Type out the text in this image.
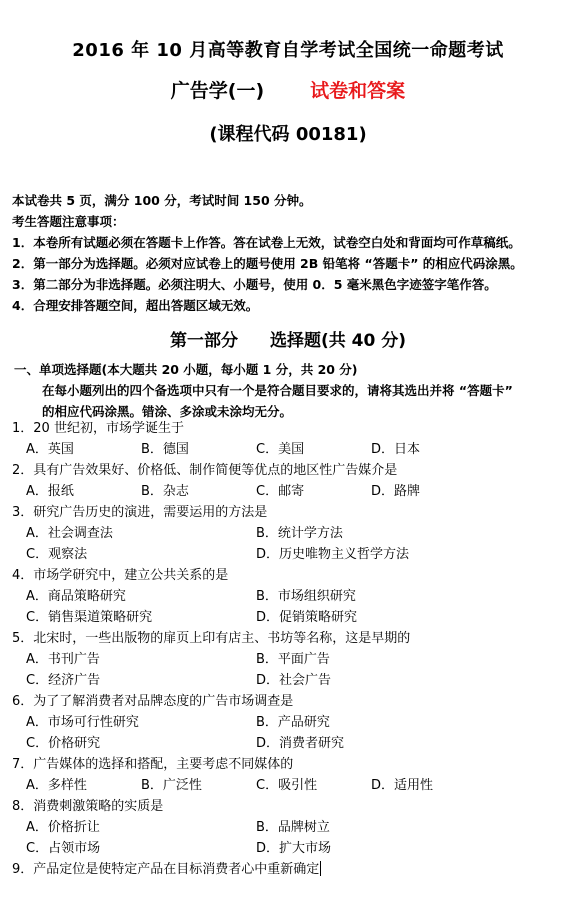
2016 年 10 月高等教育自学考试全国统一命题考试
广告学(一) 试卷和答案
(课程代码 00181)
本试卷共 5 页，满分 100 分，考试时间 150 分钟。
考生答题注意事项：
1．本卷所有试题必须在答题卡上作答。答在试卷上无效，试卷空白处和背面均可作草稿纸。
2．第一部分为选择题。必须对应试卷上的题号使用 2B 铅笔将 “答题卡” 的相应代码涂黑。
3．第二部分为非选择题。必须注明大、小题号，使用 0．5 毫米黑色字迹签字笔作答。
4．合理安排答题空间，超出答题区域无效。
第一部分 选择题(共 40 分)
一、单项选择题(本大题共 20 小题，每小题 1 分，共 20 分)
在每小题列出的四个备选项中只有一个是符合题目要求的，请将其选出并将 “答题卡”
的相应代码涂黑。错涂、多涂或未涂均无分。
1．20 世纪初，市场学诞生于
A．英国	B．德国	C．美国	D．日本
2．具有广告效果好、价格低、制作简便等优点的地区性广告媒介是
A．报纸	B．杂志	C．邮寄	D．路牌
3．研究广告历史的演进，需要运用的方法是
A．社会调查法	B．统计学方法
C．观察法	D．历史唯物主义哲学方法
4．市场学研究中，建立公共关系的是
A．商品策略研究	B．市场组织研究
C．销售渠道策略研究	D．促销策略研究
5．北宋时，一些出版物的扉页上印有店主、书坊等名称，这是早期的
A．书刊广告	B．平面广告
C．经济广告	D．社会广告
6．为了了解消费者对品牌态度的广告市场调查是
A．市场可行性研究	B．产品研究
C．价格研究	D．消费者研究
7．广告媒体的选择和搭配，主要考虑不同媒体的
A．多样性	B．广泛性	C．吸引性	D．适用性
8．消费刺激策略的实质是
A．价格折让	B．品牌树立
C．占领市场	D．扩大市场
9．产品定位是使特定产品在目标消费者心中重新确定
